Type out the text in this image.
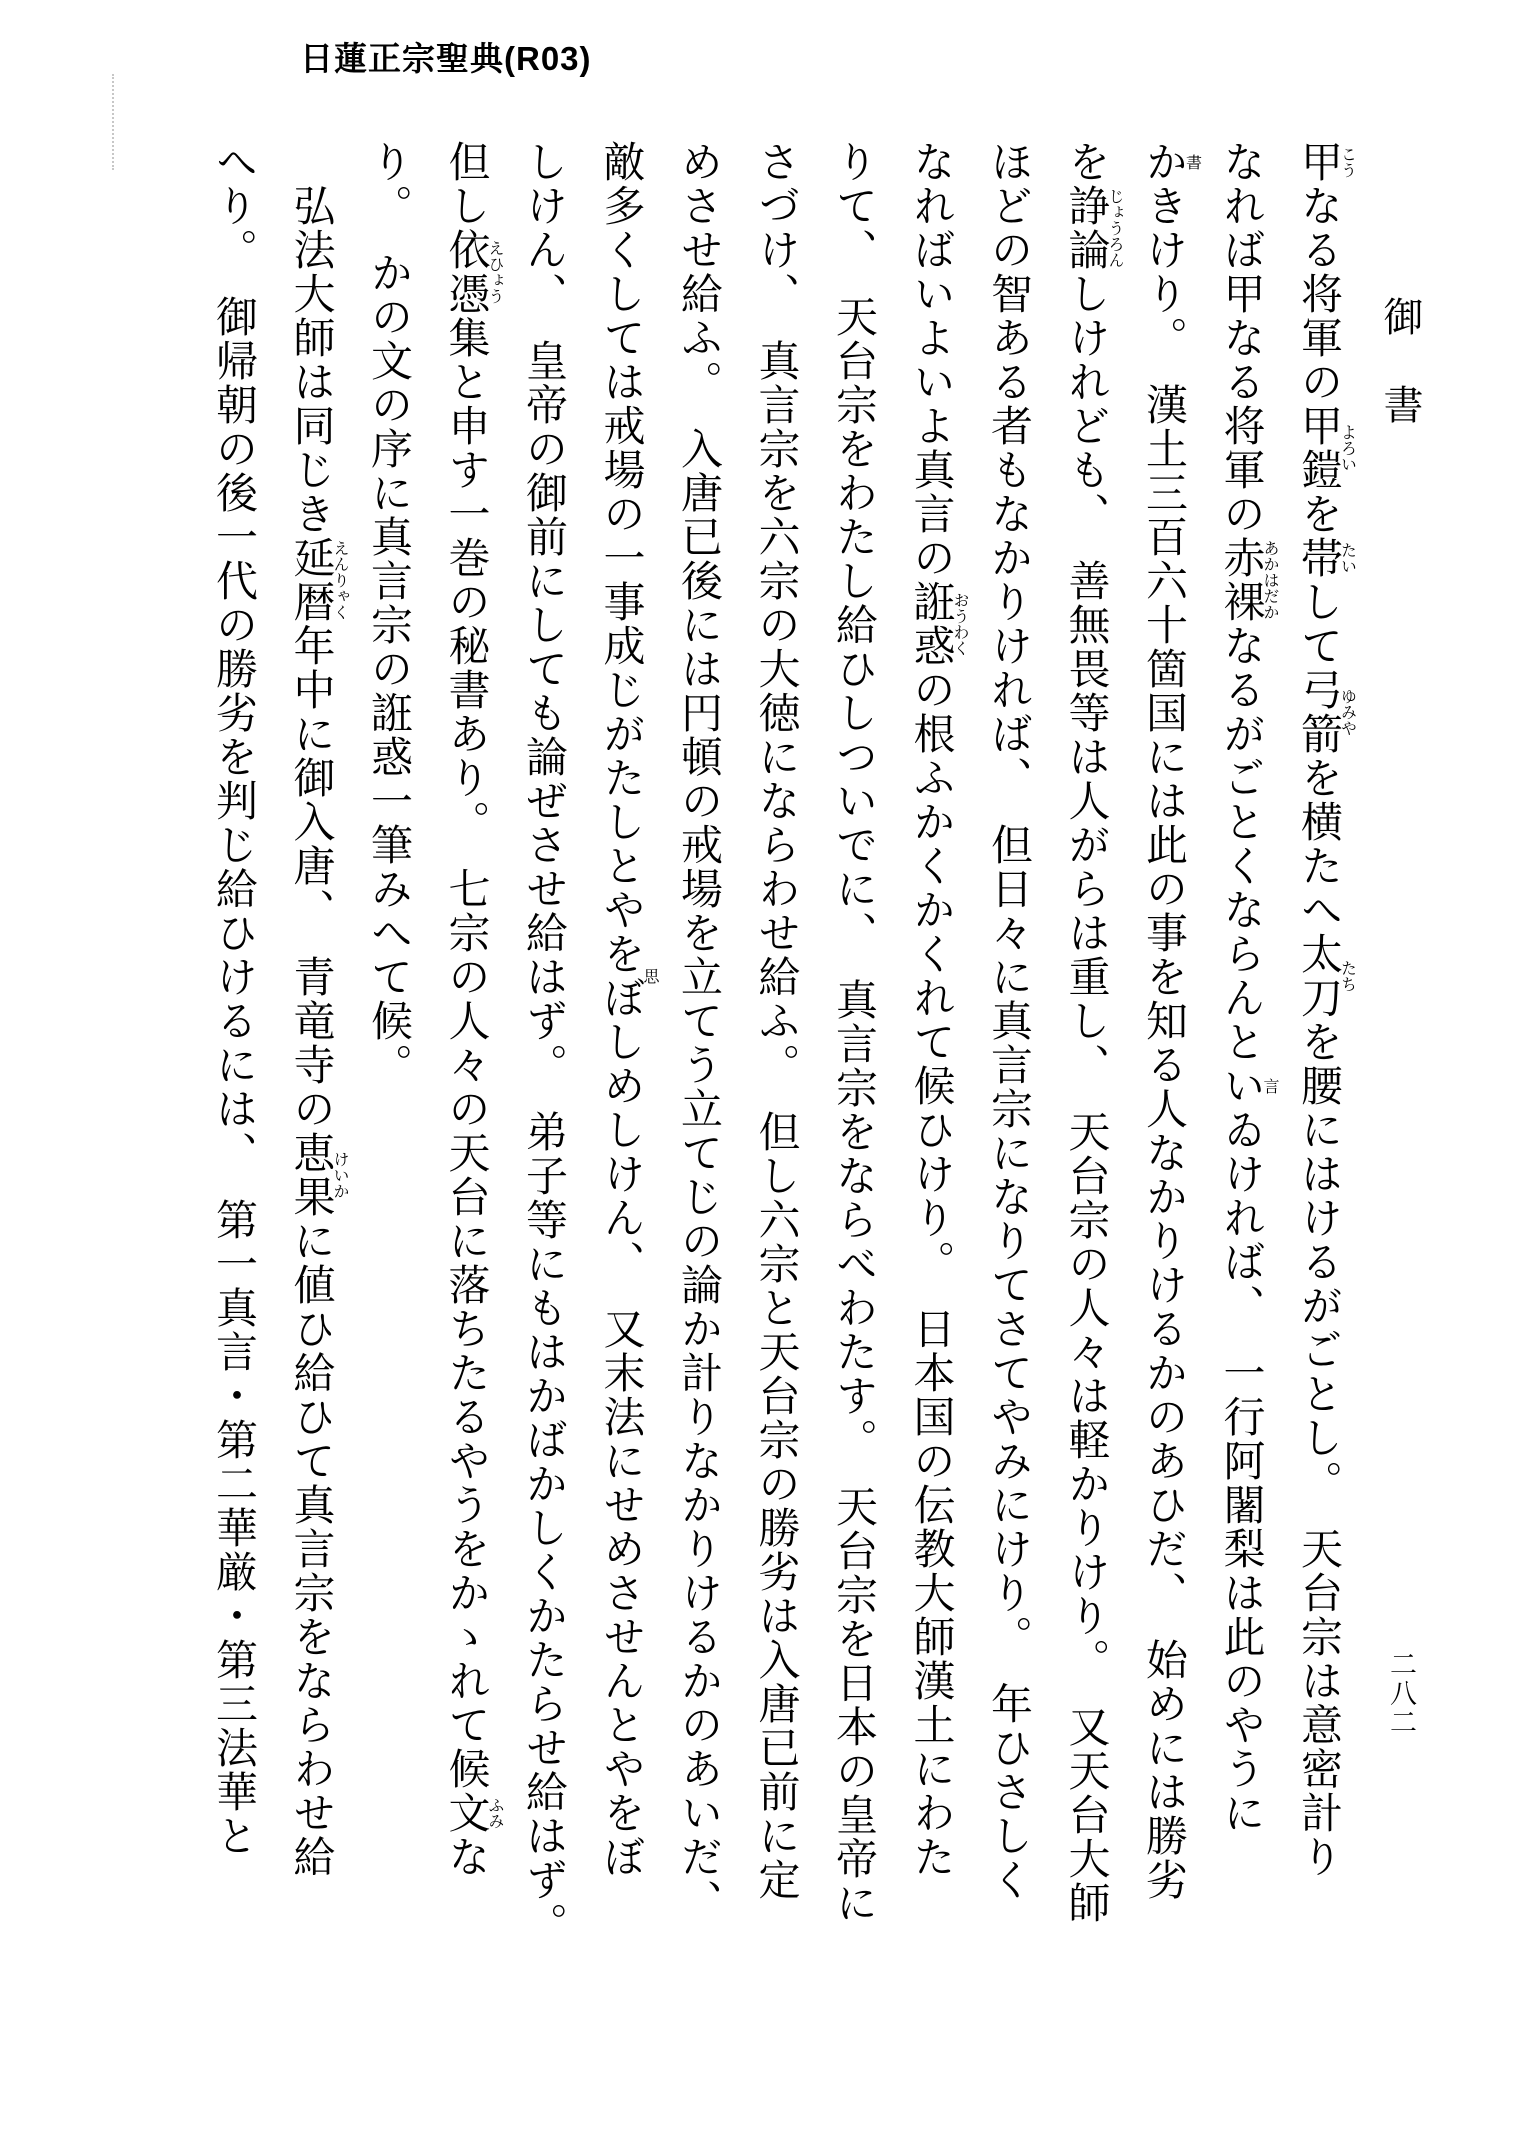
日蓮正宗聖典(R03)
御　書
二八二
甲こうなる将軍の甲鎧よろいを帯たいして弓箭ゆみやを横たへ太刀たちを腰にはけるがごとし。　天台宗は意密計り
なれば甲なる将軍の赤裸あかはだかなるがごとくならんとい言ゐければ、　一行阿闍梨は此のやうに
か書きけり。　漢土三百六十箇国には此の事を知る人なかりけるかのあひだ、　始めには勝劣
を諍論じょうろんしけれども、　善無畏等は人がらは重し、　天台宗の人々は軽かりけり。　又天台大師
ほどの智ある者もなかりければ、　但日々に真言宗になりてさてやみにけり。　年ひさしく
なればいよいよ真言の誑惑おうわくの根ふかくかくれて候ひけり。　日本国の伝教大師漢土にわた
りて、　天台宗をわたし給ひしついでに、　真言宗をならべわたす。　天台宗を日本の皇帝に
さづけ、　真言宗を六宗の大徳にならわせ給ふ。　但し六宗と天台宗の勝劣は入唐已前に定
めさせ給ふ。　入唐已後には円頓の戒場を立てう立てじの論か計りなかりけるかのあいだ、
敵多くしては戒場の一事成じがたしとやをぼ思しめしけん、　又末法にせめさせんとやをぼ
しけん、　皇帝の御前にしても論ぜさせ給はず。　弟子等にもはかばかしくかたらせ給はず。
但し依憑えひょう集と申す一巻の秘書あり。　七宗の人々の天台に落ちたるやうをかゝれて候文ふみな
り。　かの文の序に真言宗の誑惑一筆みへて候。
　弘法大師は同じき延暦えんりゃく年中に御入唐、　青竜寺の恵果けいかに値ひ給ひて真言宗をならわせ給
へり。　御帰朝の後一代の勝劣を判じ給ひけるには、　第一真言・第二華厳・第三法華と
